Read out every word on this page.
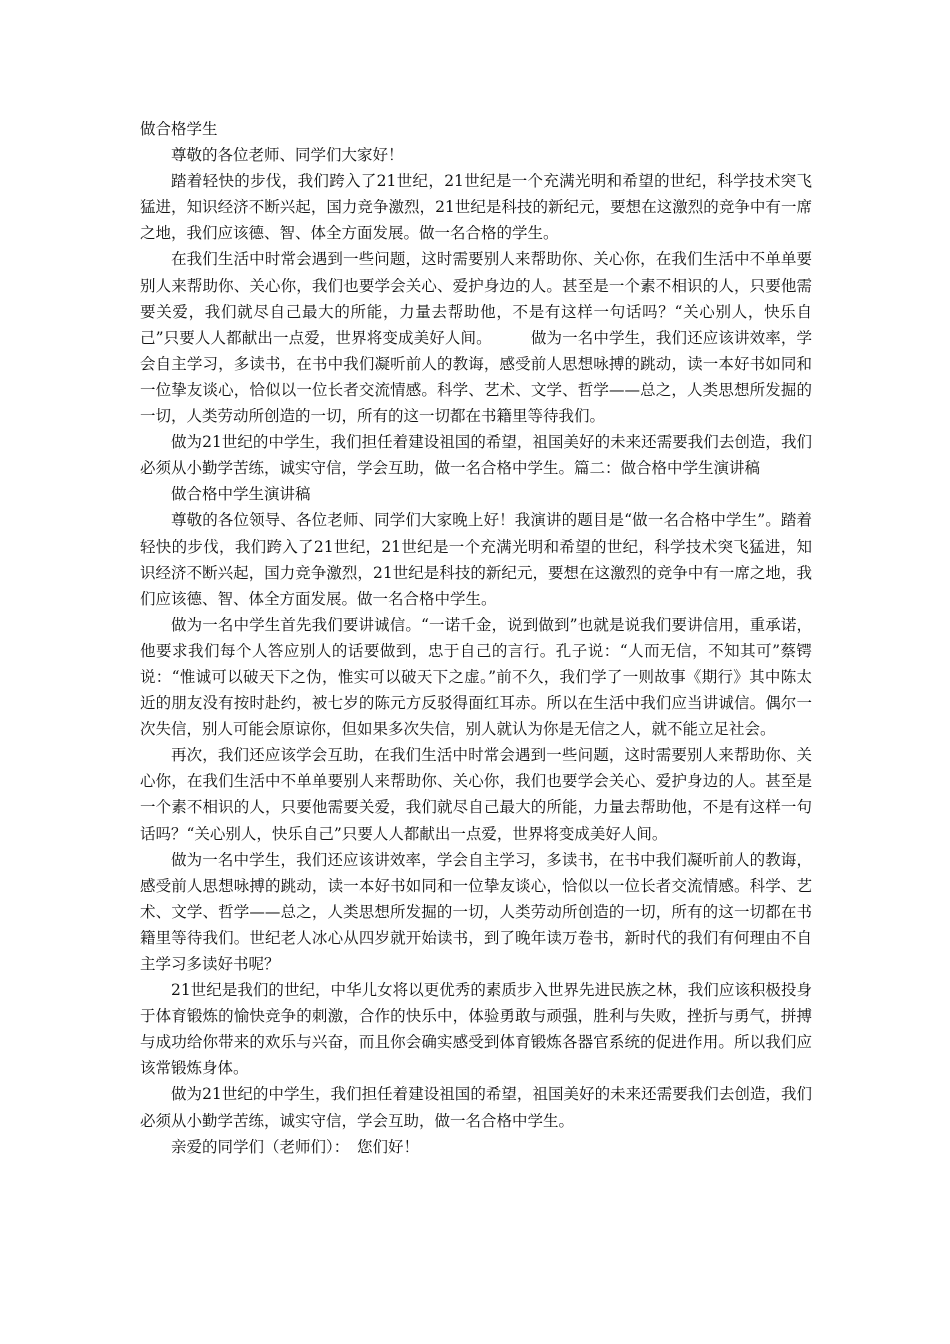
做合格学生

尊敬的各位老师、同学们大家好！

踏着轻快的步伐，我们跨入了21世纪，21世纪是一个充满光明和希望的世纪，科学技术突飞猛进，知识经济不断兴起，国力竞争激烈，21世纪是科技的新纪元，要想在这激烈的竞争中有一席之地，我们应该德、智、体全方面发展。做一名合格的学生。

在我们生活中时常会遇到一些问题，这时需要别人来帮助你、关心你，在我们生活中不单单要别人来帮助你、关心你，我们也要学会关心、爱护身边的人。甚至是一个素不相识的人，只要他需要关爱，我们就尽自己最大的所能，力量去帮助他，不是有这样一句话吗？“关心别人，快乐自己”只要人人都献出一点爱，世界将变成美好人间。　　　做为一名中学生，我们还应该讲效率，学会自主学习，多读书，在书中我们凝听前人的教诲，感受前人思想咏搏的跳动，读一本好书如同和一位挚友谈心，恰似以一位长者交流情感。科学、艺术、文学、哲学——总之，人类思想所发掘的一切，人类劳动所创造的一切，所有的这一切都在书籍里等待我们。

做为21世纪的中学生，我们担任着建设祖国的希望，祖国美好的未来还需要我们去创造，我们必须从小勤学苦练，诚实守信，学会互助，做一名合格中学生。篇二：做合格中学生演讲稿

做合格中学生演讲稿

尊敬的各位领导、各位老师、同学们大家晚上好！我演讲的题目是“做一名合格中学生”。踏着轻快的步伐，我们跨入了21世纪，21世纪是一个充满光明和希望的世纪，科学技术突飞猛进，知识经济不断兴起，国力竞争激烈，21世纪是科技的新纪元，要想在这激烈的竞争中有一席之地，我们应该德、智、体全方面发展。做一名合格中学生。

做为一名中学生首先我们要讲诚信。“一诺千金，说到做到”也就是说我们要讲信用，重承诺，他要求我们每个人答应别人的话要做到，忠于自己的言行。孔子说：“人而无信，不知其可”蔡锷说：“惟诚可以破天下之伪，惟实可以破天下之虚。”前不久，我们学了一则故事《期行》其中陈太近的朋友没有按时赴约，被七岁的陈元方反驳得面红耳赤。所以在生活中我们应当讲诚信。偶尔一次失信，别人可能会原谅你，但如果多次失信，别人就认为你是无信之人，就不能立足社会。

再次，我们还应该学会互助，在我们生活中时常会遇到一些问题，这时需要别人来帮助你、关心你，在我们生活中不单单要别人来帮助你、关心你，我们也要学会关心、爱护身边的人。甚至是一个素不相识的人，只要他需要关爱，我们就尽自己最大的所能，力量去帮助他，不是有这样一句话吗？“关心别人，快乐自己”只要人人都献出一点爱，世界将变成美好人间。

做为一名中学生，我们还应该讲效率，学会自主学习，多读书，在书中我们凝听前人的教诲，感受前人思想咏搏的跳动，读一本好书如同和一位挚友谈心，恰似以一位长者交流情感。科学、艺术、文学、哲学——总之，人类思想所发掘的一切，人类劳动所创造的一切，所有的这一切都在书籍里等待我们。世纪老人冰心从四岁就开始读书，到了晚年读万卷书，新时代的我们有何理由不自主学习多读好书呢？

21世纪是我们的世纪，中华儿女将以更优秀的素质步入世界先进民族之林，我们应该积极投身于体育锻炼的愉快竞争的刺激，合作的快乐中，体验勇敢与顽强，胜利与失败，挫折与勇气，拼搏与成功给你带来的欢乐与兴奋，而且你会确实感受到体育锻炼各器官系统的促进作用。所以我们应该常锻炼身体。

做为21世纪的中学生，我们担任着建设祖国的希望，祖国美好的未来还需要我们去创造，我们必须从小勤学苦练，诚实守信，学会互助，做一名合格中学生。

亲爱的同学们（老师们）：　您们好！
